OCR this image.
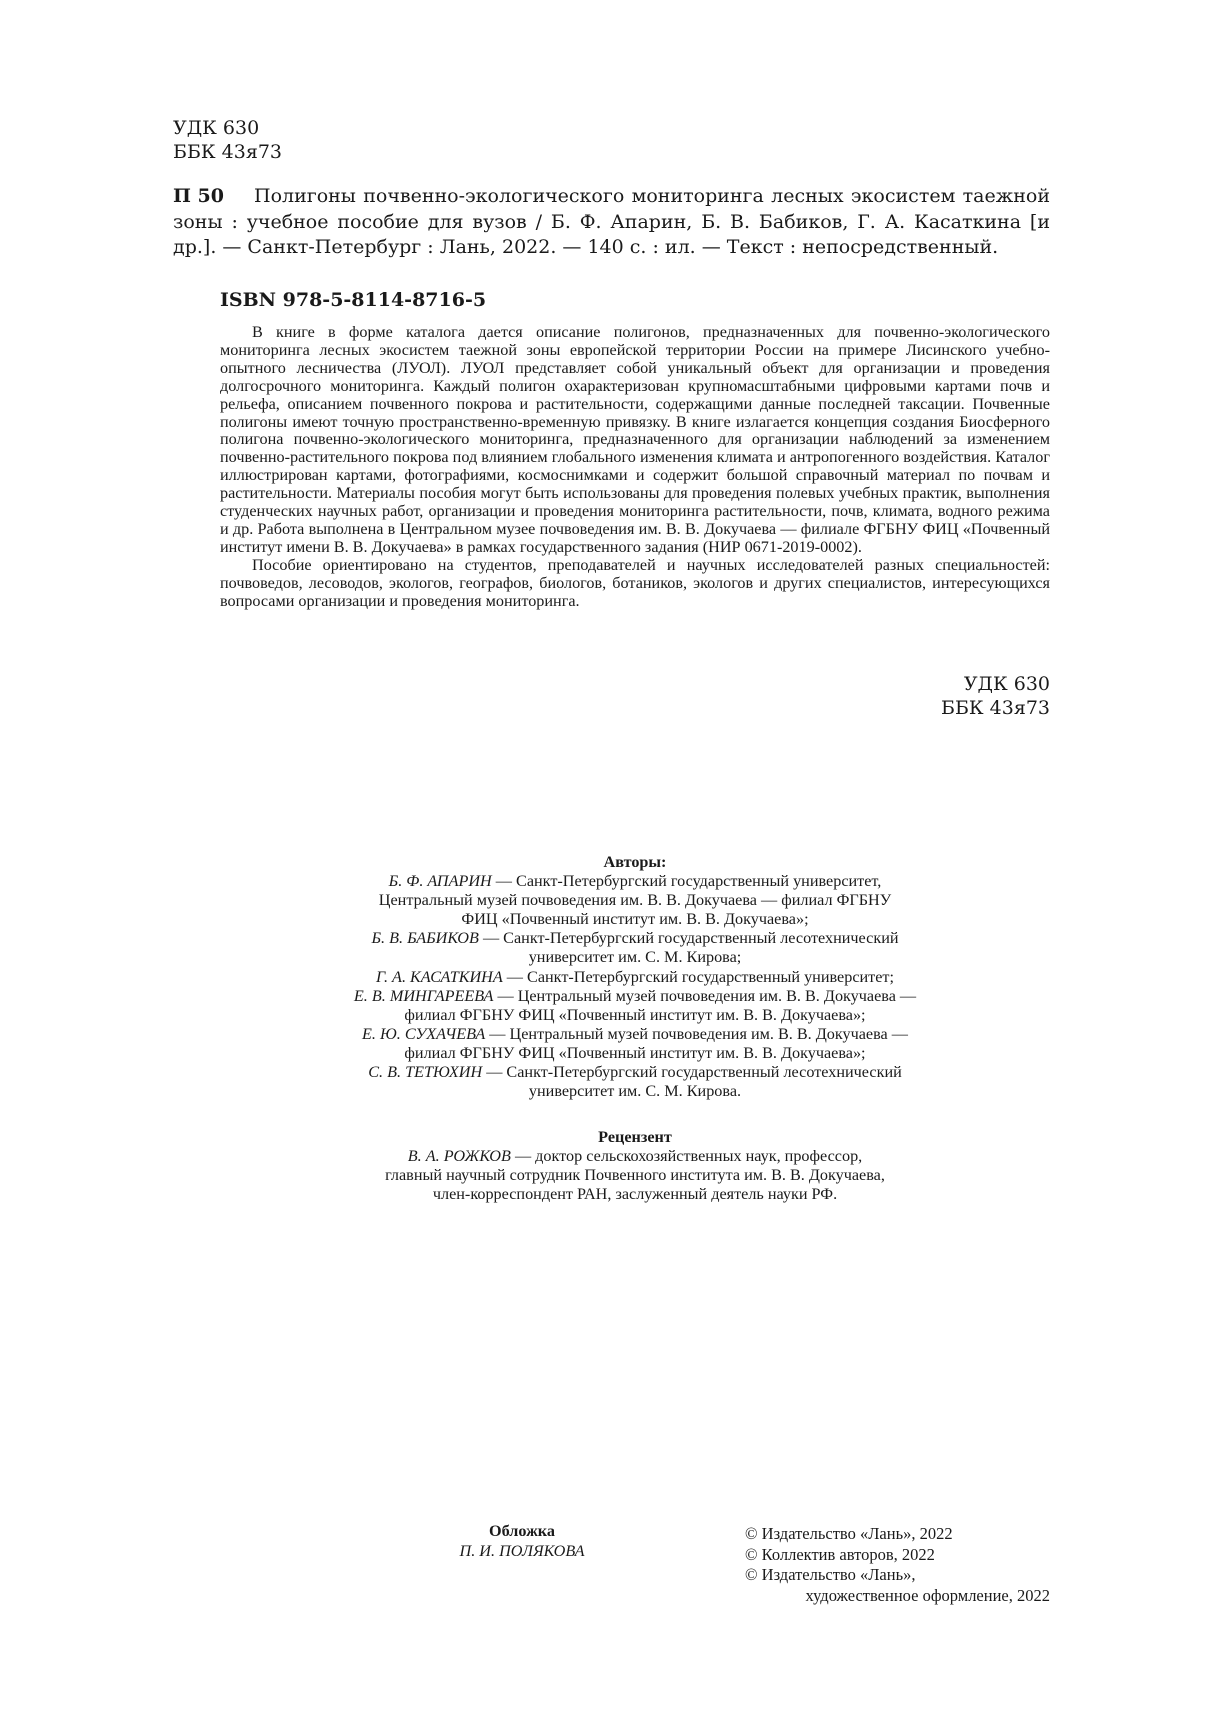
УДК 630
ББК 43я73
П 50	Полигоны почвенно-экологического мониторинга лесных экосистем таежной зоны : учебное пособие для вузов / Б. Ф. Апарин, Б. В. Бабиков, Г. А. Касаткина [и др.]. — Санкт-Петербург : Лань, 2022. — 140 с. : ил. — Текст : непосредственный.

ISBN 978-5-8114-8716-5

В книге в форме каталога дается описание полигонов, предназначенных для почвенно-экологического мониторинга лесных экосистем таежной зоны европейской территории России на примере Лисинского учебно-опытного лесничества (ЛУОЛ). ЛУОЛ представляет собой уникальный объект для организации и проведения долгосрочного мониторинга. Каждый полигон охарактеризован крупномасштабными цифровыми картами почв и рельефа, описанием почвенного покрова и растительности, содержащими данные последней таксации. Почвенные полигоны имеют точную пространственно-временную привязку. В книге излагается концепция создания Биосферного полигона почвенно-экологического мониторинга, предназначенного для организации наблюдений за изменением почвенно-растительного покрова под влиянием глобального изменения климата и антропогенного воздействия. Каталог иллюстрирован картами, фотографиями, космоснимками и содержит большой справочный материал по почвам и растительности. Материалы пособия могут быть использованы для проведения полевых учебных практик, выполнения студенческих научных работ, организации и проведения мониторинга растительности, почв, климата, водного режима и др. Работа выполнена в Центральном музее почвоведения им. В. В. Докучаева — филиале ФГБНУ ФИЦ «Почвенный институт имени В. В. Докучаева» в рамках государственного задания (НИР 0671-2019-0002).

Пособие ориентировано на студентов, преподавателей и научных исследователей разных специальностей: почвоведов, лесоводов, экологов, географов, биологов, ботаников, экологов и других специалистов, интересующихся вопросами организации и проведения мониторинга.

УДК 630
ББК 43я73
Авторы:
Б. Ф. АПАРИН — Санкт-Петербургский государственный университет,
Центральный музей почвоведения им. В. В. Докучаева — филиал ФГБНУ
ФИЦ «Почвенный институт им. В. В. Докучаева»;
Б. В. БАБИКОВ — Санкт-Петербургский государственный лесотехнический
университет им. С. М. Кирова;
Г. А. КАСАТКИНА — Санкт-Петербургский государственный университет;
Е. В. МИНГАРЕЕВА — Центральный музей почвоведения им. В. В. Докучаева —
филиал ФГБНУ ФИЦ «Почвенный институт им. В. В. Докучаева»;
Е. Ю. СУХАЧЕВА — Центральный музей почвоведения им. В. В. Докучаева —
филиал ФГБНУ ФИЦ «Почвенный институт им. В. В. Докучаева»;
С. В. ТЕТЮХИН — Санкт-Петербургский государственный лесотехнический
университет им. С. М. Кирова.
Рецензент
В. А. РОЖКОВ — доктор сельскохозяйственных наук, профессор,
главный научный сотрудник Почвенного института им. В. В. Докучаева,
член-корреспондент РАН, заслуженный деятель науки РФ.
Обложка
П. И. ПОЛЯКОВА
© Издательство «Лань», 2022
© Коллектив авторов, 2022
© Издательство «Лань»,
художественное оформление, 2022
